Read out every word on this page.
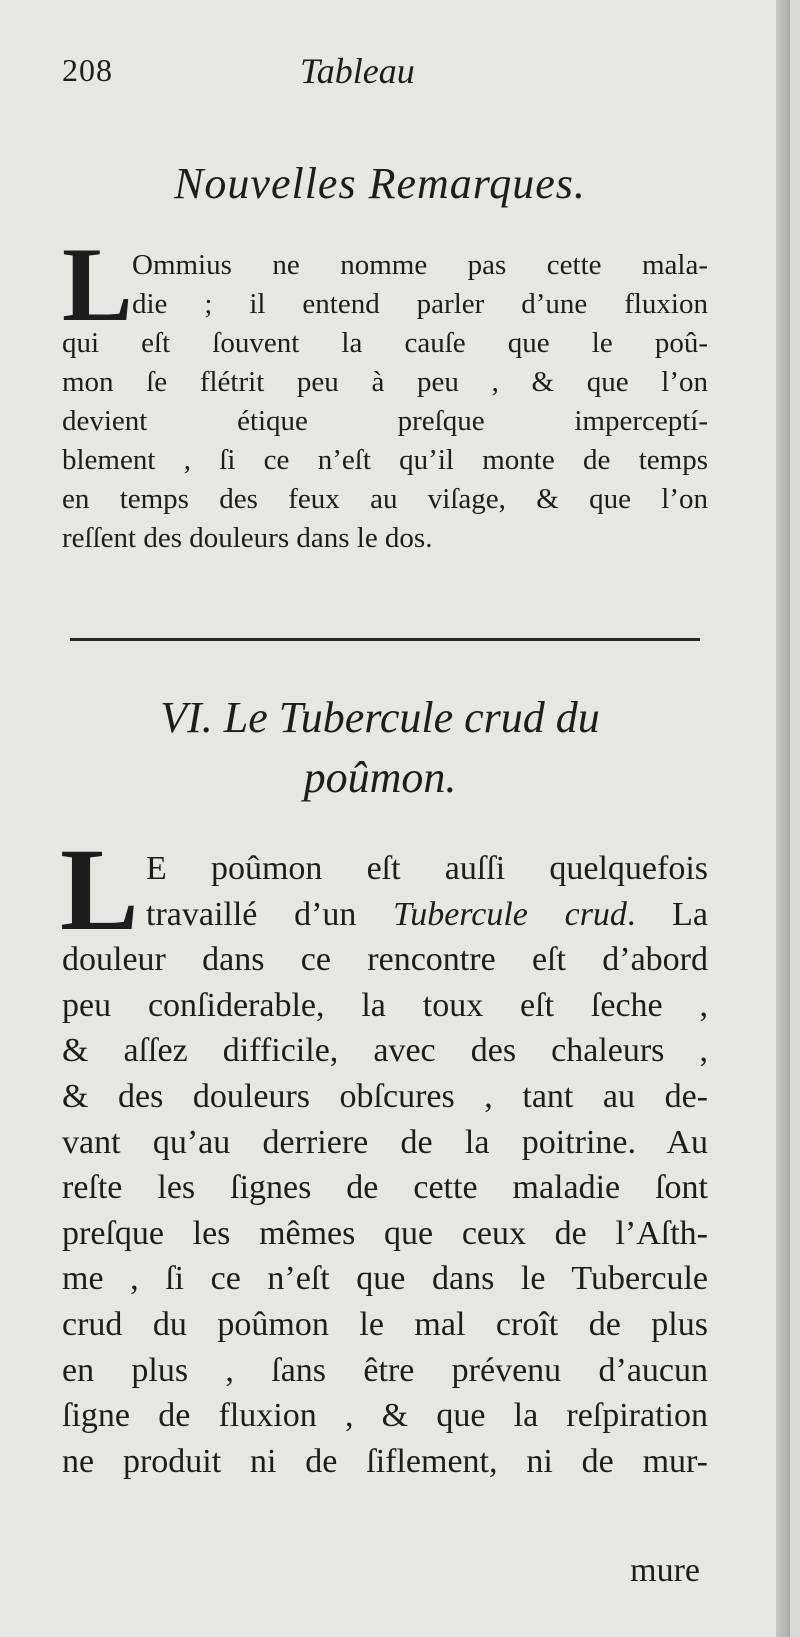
208	Tableau
Nouvelles Remarques.
L Ommius ne nomme pas cette mala-
die ; il entend parler d’une fluxion
qui eſt ſouvent la cauſe que le poû-
mon ſe flétrit peu à peu , & que l’on
devient étique preſque imperceptí-
blement , ſi ce n’eſt qu’il monte de temps
en temps des feux au viſage, & que l’on
reſſent des douleurs dans le dos.
VI. Le Tubercule crud du
poûmon.
L E poûmon eſt auſſi quelquefois
travaillé d’un Tubercule crud. La
douleur dans ce rencontre eſt d’abord
peu conſiderable, la toux eſt ſeche ,
& aſſez difficile, avec des chaleurs ,
& des douleurs obſcures , tant au de-
vant qu’au derriere de la poitrine. Au
reſte les ſignes de cette maladie ſont
preſque les mêmes que ceux de l’Aſth-
me , ſi ce n’eſt que dans le Tubercule
crud du poûmon le mal croît de plus
en plus , ſans être prévenu d’aucun
ſigne de fluxion , & que la reſpiration
ne produit ni de ſiflement, ni de mur-
mure
